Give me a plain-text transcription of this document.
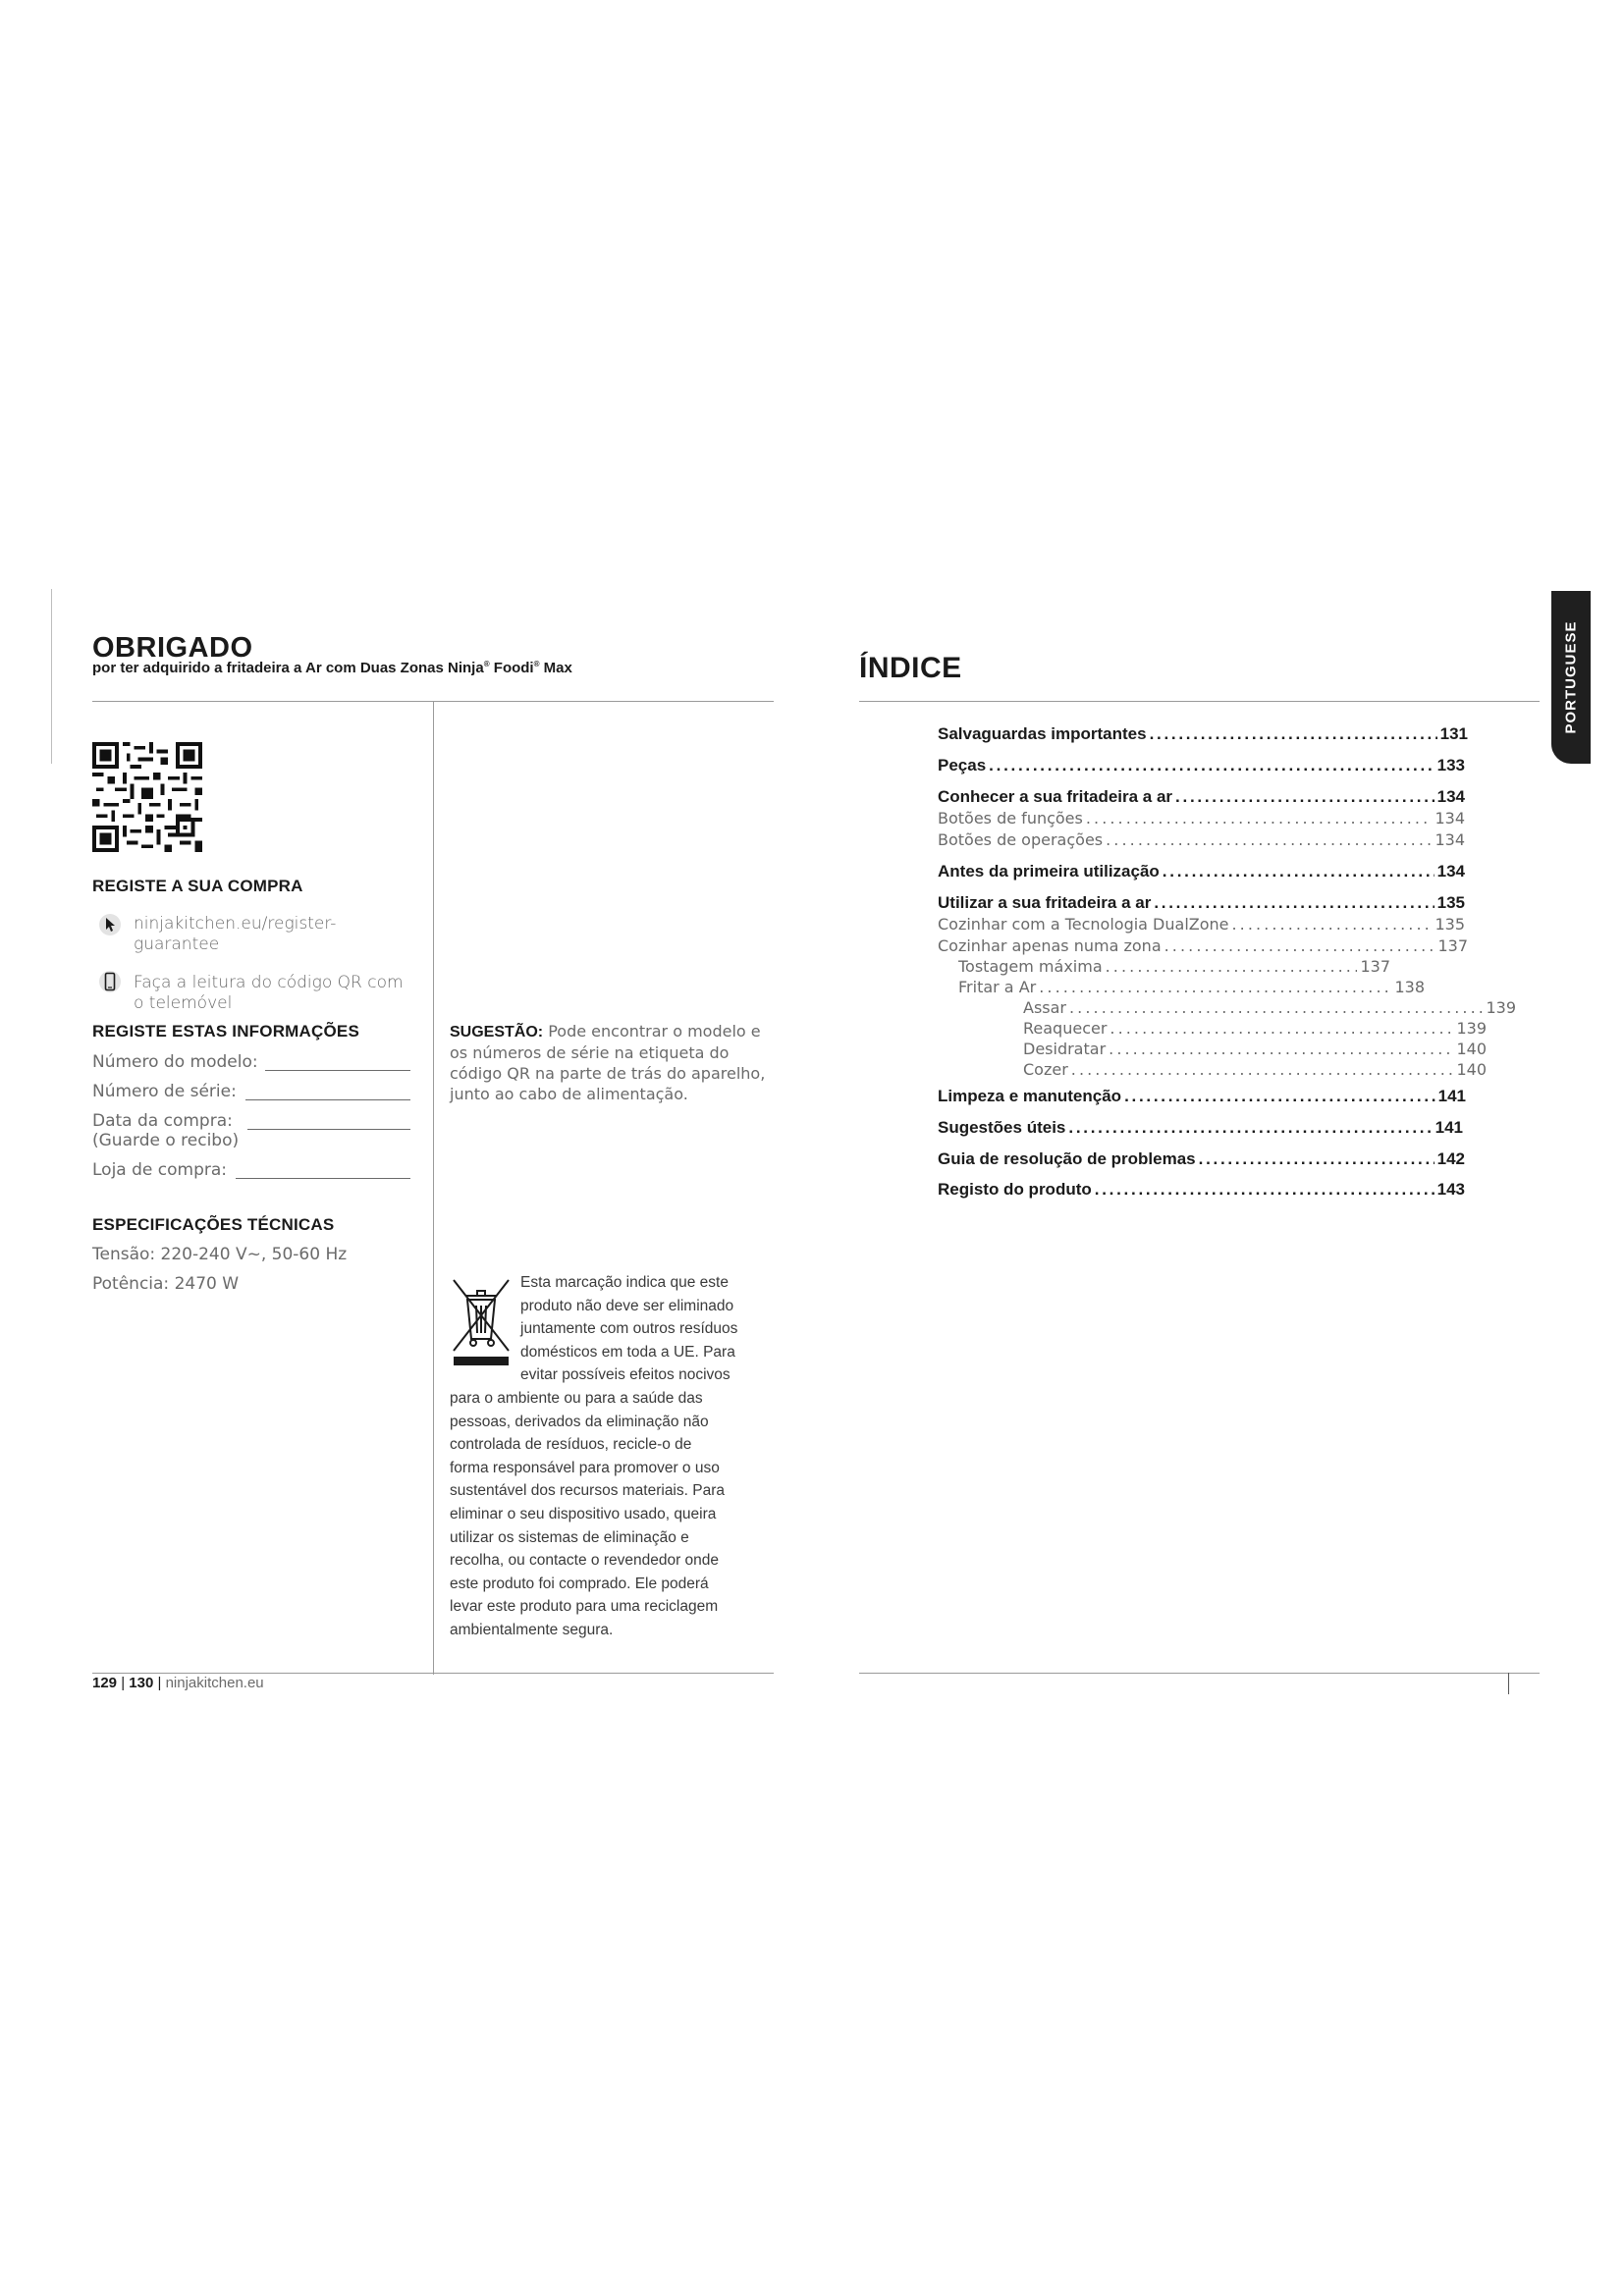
OBRIGADO
por ter adquirido a fritadeira a Ar com Duas Zonas Ninja® Foodi® Max
REGISTE A SUA COMPRA
ninjakitchen.eu/register-
guarantee
Faça a leitura do código QR com
o telemóvel
REGISTE ESTAS INFORMAÇÕES
Número do modelo:
Número de série:
Data da compra:
(Guarde o recibo)
Loja de compra:
ESPECIFICAÇÕES TÉCNICAS
Tensão: 220-240 V~, 50-60 Hz
Potência: 2470 W
SUGESTÃO: Pode encontrar o modelo e os números de série na etiqueta do código QR na parte de trás do aparelho, junto ao cabo de alimentação.
Esta marcação indica que este
produto não deve ser eliminado
juntamente com outros resíduos
domésticos em toda a UE. Para
evitar possíveis efeitos nocivos
para o ambiente ou para a saúde das
pessoas, derivados da eliminação não
controlada de resíduos, recicle-o de
forma responsável para promover o uso
sustentável dos recursos materiais. Para
eliminar o seu dispositivo usado, queira
utilizar os sistemas de eliminação e
recolha, ou contacte o revendedor onde
este produto foi comprado. Ele poderá
levar este produto para uma reciclagem
ambientalmente segura.
129 | 130 | ninjakitchen.eu
ÍNDICE	PORTUGUESE
Salvaguardas importantes . . .	131
Peças . . .	133
Conhecer a sua fritadeira a ar . . .	134
Botões de funções . . .	134
Botões de operações . . .	134
Antes da primeira utilização . . .	134
Utilizar a sua fritadeira a ar . . .	135
Cozinhar com a Tecnologia DualZone . . .	135
Cozinhar apenas numa zona . . .	137
Tostagem máxima . . .	137
Fritar a Ar . . .	138
Assar . . .	139
Reaquecer . . .	139
Desidratar . . .	140
Cozer . . .	140
Limpeza e manutenção . . .	141
Sugestões úteis . . .	141
Guia de resolução de problemas . . .	142
Registo do produto . . .	143
